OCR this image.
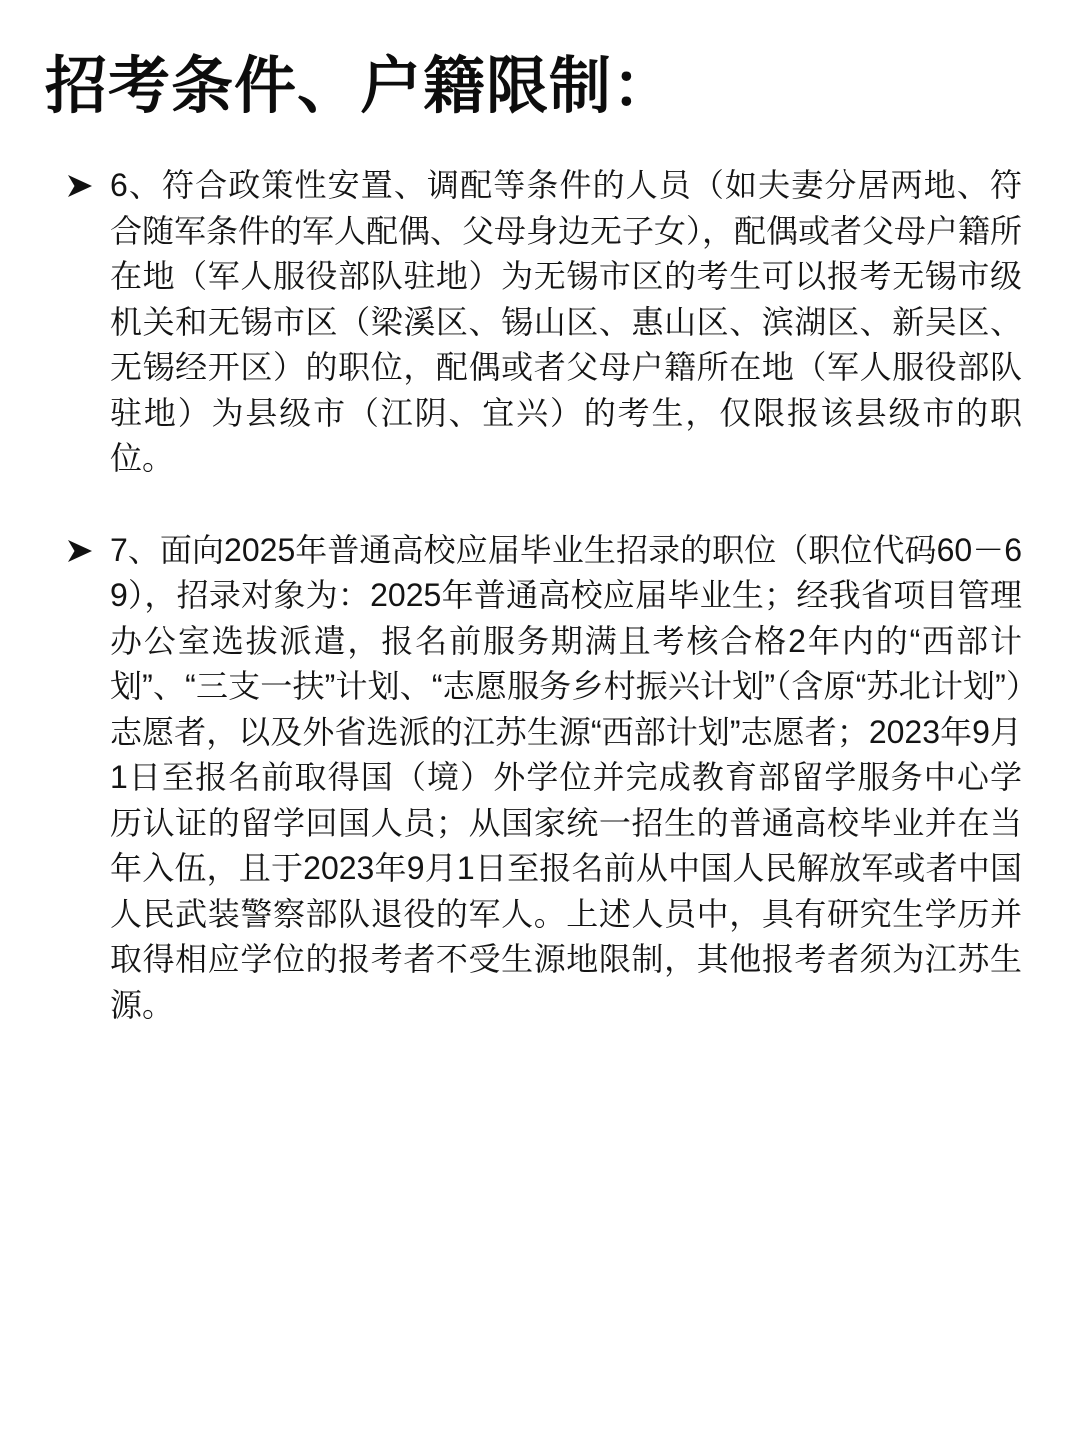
招考条件、户籍限制：

6、符合政策性安置、调配等条件的人员（如夫妻分居两地、符合随军条件的军人配偶、父母身边无子女），配偶或者父母户籍所在地（军人服役部队驻地）为无锡市区的考生可以报考无锡市级机关和无锡市区（梁溪区、锡山区、惠山区、滨湖区、新吴区、无锡经开区）的职位，配偶或者父母户籍所在地（军人服役部队驻地）为县级市（江阴、宜兴）的考生，仅限报该县级市的职位。

7、面向2025年普通高校应届毕业生招录的职位（职位代码60－69），招录对象为：2025年普通高校应届毕业生；经我省项目管理办公室选拔派遣，报名前服务期满且考核合格2年内的“西部计划”、“三支一扶”计划、“志愿服务乡村振兴计划”（含原“苏北计划”）志愿者，以及外省选派的江苏生源“西部计划”志愿者；2023年9月1日至报名前取得国（境）外学位并完成教育部留学服务中心学历认证的留学回国人员；从国家统一招生的普通高校毕业并在当年入伍，且于2023年9月1日至报名前从中国人民解放军或者中国人民武装警察部队退役的军人。上述人员中，具有研究生学历并取得相应学位的报考者不受生源地限制，其他报考者须为江苏生源。
